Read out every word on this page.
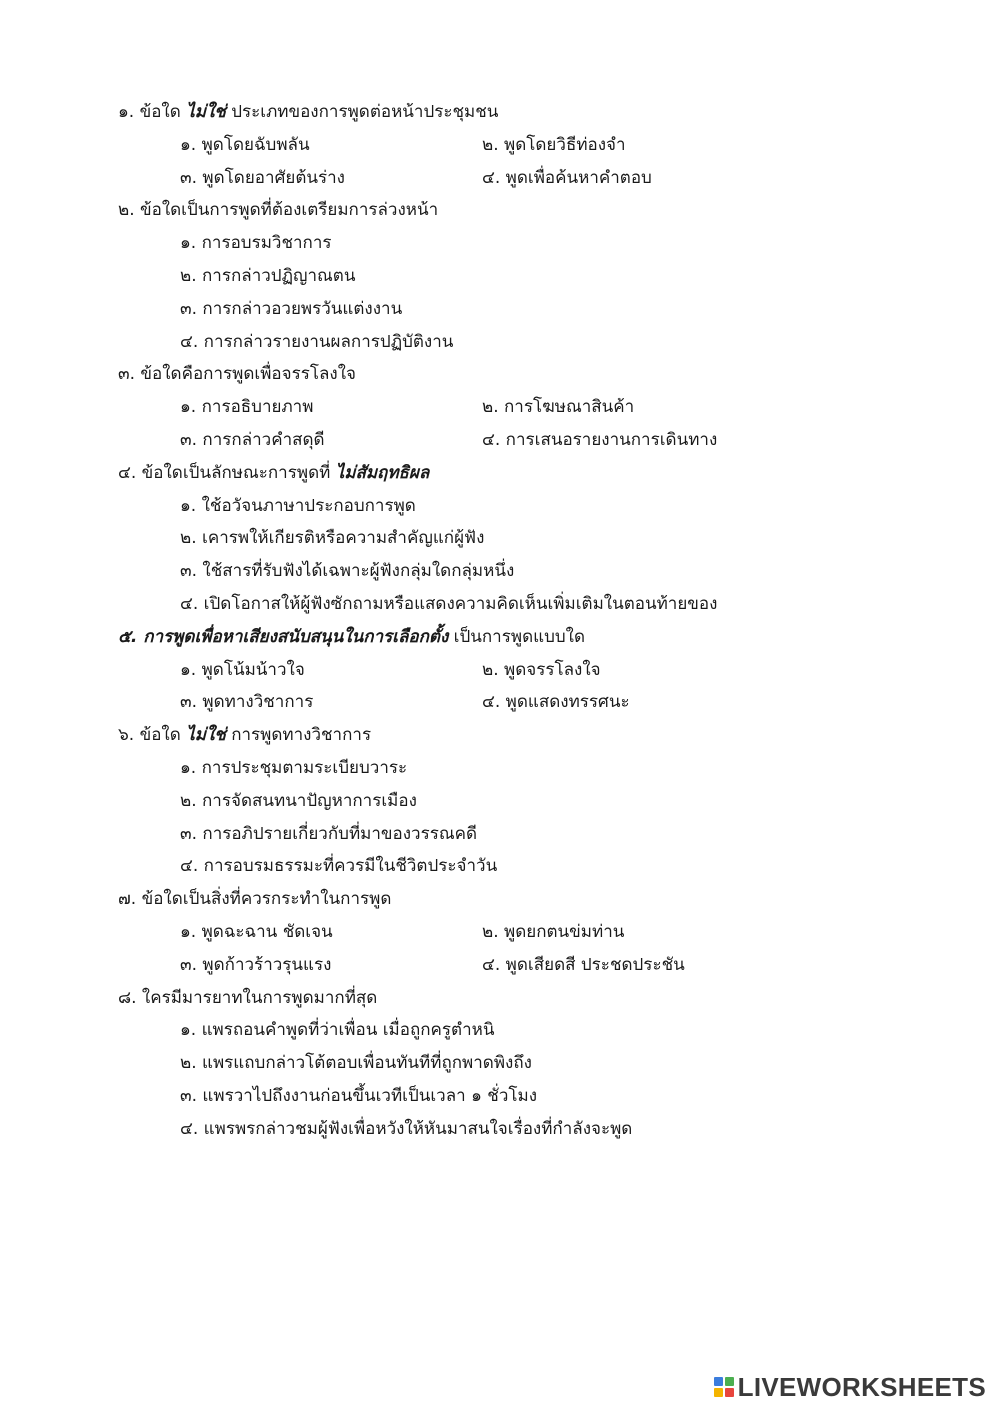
๑. ข้อใด ไม่ใช่ ประเภทของการพูดต่อหน้าประชุมชน
๑. พูดโดยฉับพลัน	๒. พูดโดยวิธีท่องจำ
๓. พูดโดยอาศัยต้นร่าง	๔. พูดเพื่อค้นหาคำตอบ
๒. ข้อใดเป็นการพูดที่ต้องเตรียมการล่วงหน้า
๑. การอบรมวิชาการ
๒. การกล่าวปฏิญาณตน
๓. การกล่าวอวยพรวันแต่งงาน
๔. การกล่าวรายงานผลการปฏิบัติงาน
๓. ข้อใดคือการพูดเพื่อจรรโลงใจ
๑. การอธิบายภาพ	๒. การโฆษณาสินค้า
๓. การกล่าวคำสดุดี	๔. การเสนอรายงานการเดินทาง
๔. ข้อใดเป็นลักษณะการพูดที่ ไม่สัมฤทธิผล
๑. ใช้อวัจนภาษาประกอบการพูด
๒. เคารพให้เกียรติหรือความสำคัญแก่ผู้ฟัง
๓. ใช้สารที่รับฟังได้เฉพาะผู้ฟังกลุ่มใดกลุ่มหนึ่ง
๔. เปิดโอกาสให้ผู้ฟังซักถามหรือแสดงความคิดเห็นเพิ่มเติมในตอนท้ายของ
๕. การพูดเพื่อหาเสียงสนับสนุนในการเลือกตั้ง เป็นการพูดแบบใด
๑. พูดโน้มน้าวใจ	๒. พูดจรรโลงใจ
๓. พูดทางวิชาการ	๔. พูดแสดงทรรศนะ
๖. ข้อใด ไม่ใช่ การพูดทางวิชาการ
๑. การประชุมตามระเบียบวาระ
๒. การจัดสนทนาปัญหาการเมือง
๓. การอภิปรายเกี่ยวกับที่มาของวรรณคดี
๔. การอบรมธรรมะที่ควรมีในชีวิตประจำวัน
๗. ข้อใดเป็นสิ่งที่ควรกระทำในการพูด
๑. พูดฉะฉาน ชัดเจน	๒. พูดยกตนข่มท่าน
๓. พูดก้าวร้าวรุนแรง	๔. พูดเสียดสี ประชดประชัน
๘. ใครมีมารยาทในการพูดมากที่สุด
๑. แพรถอนคำพูดที่ว่าเพื่อน เมื่อถูกครูตำหนิ
๒. แพรแถบกล่าวโต้ตอบเพื่อนทันทีที่ถูกพาดพิงถึง
๓. แพรวาไปถึงงานก่อนขึ้นเวทีเป็นเวลา ๑ ชั่วโมง
๔. แพรพรกล่าวชมผู้ฟังเพื่อหวังให้หันมาสนใจเรื่องที่กำลังจะพูด
LIVEWORKSHEETS
